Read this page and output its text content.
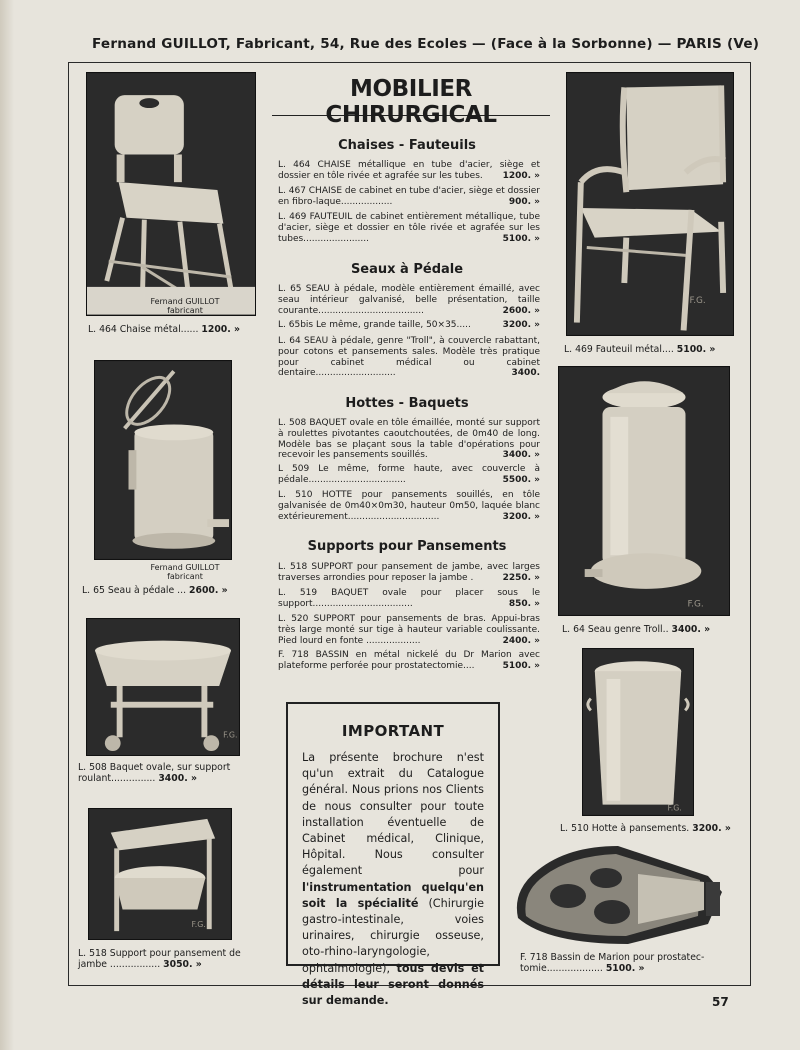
Fernand GUILLOT, Fabricant, 54, Rue des Ecoles — (Face à la Sorbonne) — PARIS (Ve)
MOBILIER CHIRURGICAL
Fernand GUILLOT
fabricant
L. 464 Chaise métal...... 1200. »
Fernand GUILLOT
fabricant
L. 65 Seau à pédale ... 2600. »
F.G.
L. 508 Baquet ovale, sur support
roulant............... 3400. »
F.G.
L. 518 Support pour pansement de
jambe ................. 3050. »
F.G.
L. 469 Fauteuil métal.... 5100. »
F.G.
L. 64 Seau genre Troll.. 3400. »
F.G.
L. 510 Hotte à pansements. 3200. »
F. 718 Bassin de Marion pour prostatec-
tomie................... 5100. »
Chaises - Fauteuils
L. 464 CHAISE métallique en tube d'acier, siège et dossier en tôle rivée et agrafée sur les tubes.	1200. »
L. 467 CHAISE de cabinet en tube d'acier, siège et dossier en fibro-laque..................	900. »
L. 469 FAUTEUIL de cabinet entièrement métallique, tube d'acier, siège et dossier en tôle rivée et agrafée sur les tubes.......................	5100. »
Seaux à Pédale
L. 65 SEAU à pédale, modèle entièrement émaillé, avec seau intérieur galvanisé, belle présentation, taille courante.....................................	2600. »
L. 65bis Le même, grande taille, 50×35.....	3200. »
L. 64 SEAU à pédale, genre "Troll", à couvercle rabattant, pour cotons et pansements sales. Modèle très pratique pour cabinet médical ou cabinet dentaire............................	3400.
Hottes - Baquets
L. 508 BAQUET ovale en tôle émaillée, monté sur support à roulettes pivotantes caoutchoutées, de 0m40 de long. Modèle bas se plaçant sous la table d'opérations pour recevoir les pansements souillés.	3400. »
L 509 Le même, forme haute, avec couvercle à pédale..................................	5500. »
L. 510 HOTTE pour pansements souillés, en tôle galvanisée de 0m40×0m30, hauteur 0m50, laquée blanc extérieurement................................	3200. »
Supports pour Pansements
L. 518 SUPPORT pour pansement de jambe, avec larges traverses arrondies pour reposer la jambe .	2250. »
L. 519 BAQUET ovale pour placer sous le support...................................	850. »
L. 520 SUPPORT pour pansements de bras. Appui-bras très large monté sur tige à hauteur variable coulissante. Pied lourd en fonte ...................	2400. »
F. 718 BASSIN en métal nickelé du Dr Marion avec plateforme perforée pour prostatectomie....	5100. »
IMPORTANT
La présente brochure n'est qu'un extrait du Catalogue général. Nous prions nos Clients de nous consulter pour toute installation éventuelle de Cabinet médical, Clinique, Hôpital. Nous consulter également pour l'instrumentation quelqu'en soit la spécialité (Chirurgie gastro-intestinale, voies urinaires, chirurgie osseuse, oto-rhino-laryngologie, ophtalmologie), tous devis et détails leur seront donnés sur demande.	57
